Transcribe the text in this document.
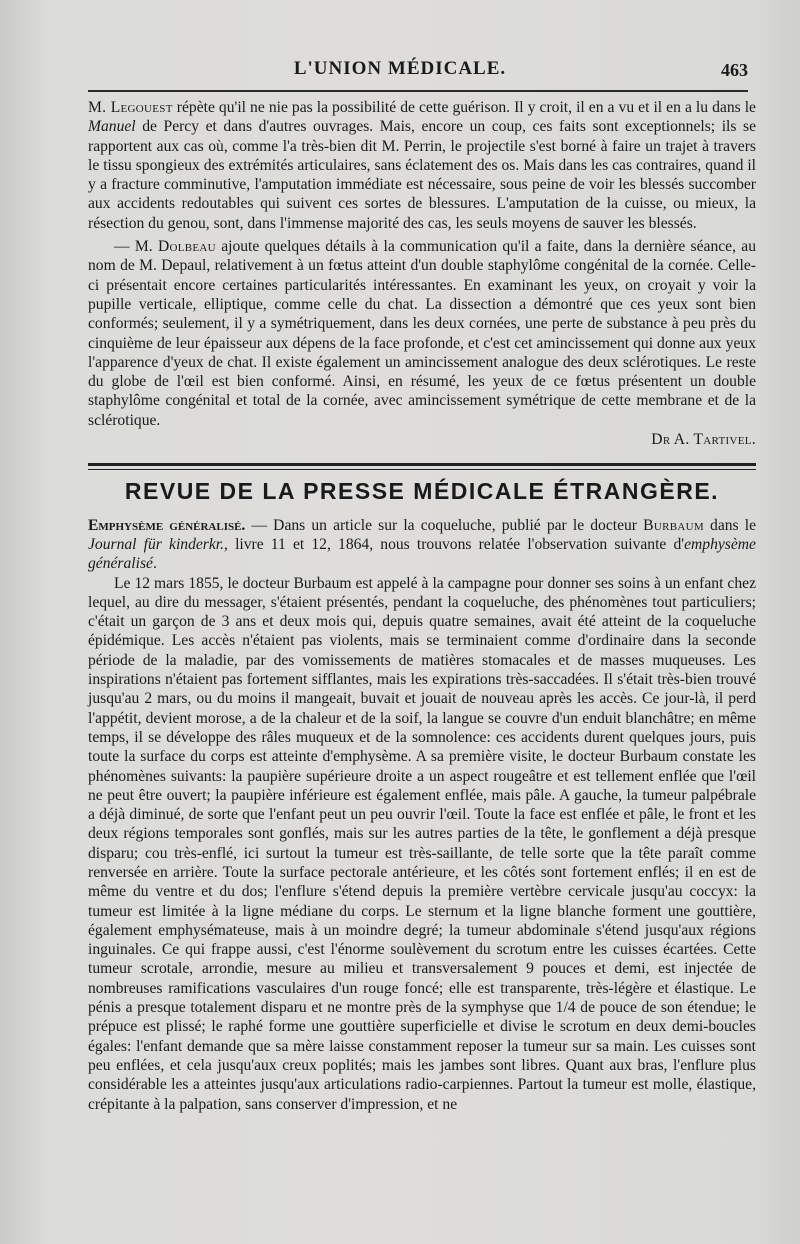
L'UNION MÉDICALE.	463

M. Legouest répète qu'il ne nie pas la possibilité de cette guérison. Il y croit, il en a vu et il en a lu dans le Manuel de Percy et dans d'autres ouvrages. Mais, encore un coup, ces faits sont exceptionnels; ils se rapportent aux cas où, comme l'a très-bien dit M. Perrin, le projectile s'est borné à faire un trajet à travers le tissu spongieux des extrémités articulaires, sans éclatement des os. Mais dans les cas contraires, quand il y a fracture comminutive, l'amputation immédiate est nécessaire, sous peine de voir les blessés succomber aux accidents redoutables qui suivent ces sortes de blessures. L'amputation de la cuisse, ou mieux, la résection du genou, sont, dans l'immense majorité des cas, les seuls moyens de sauver les blessés.

— M. Dolbeau ajoute quelques détails à la communication qu'il a faite, dans la dernière séance, au nom de M. Depaul, relativement à un fœtus atteint d'un double staphylôme congénital de la cornée. Celle-ci présentait encore certaines particularités intéressantes. En examinant les yeux, on croyait y voir la pupille verticale, elliptique, comme celle du chat. La dissection a démontré que ces yeux sont bien conformés; seulement, il y a symétriquement, dans les deux cornées, une perte de substance à peu près du cinquième de leur épaisseur aux dépens de la face profonde, et c'est cet amincissement qui donne aux yeux l'apparence d'yeux de chat. Il existe également un amincissement analogue des deux sclérotiques. Le reste du globe de l'œil est bien conformé. Ainsi, en résumé, les yeux de ce fœtus présentent un double staphylôme congénital et total de la cornée, avec amincissement symétrique de cette membrane et de la sclérotique.

Dr A. Tartivel.
REVUE DE LA PRESSE MÉDICALE ÉTRANGÈRE.

Emphysème généralisé. — Dans un article sur la coqueluche, publié par le docteur Burbaum dans le Journal für kinderkr., livre 11 et 12, 1864, nous trouvons relatée l'observation suivante d'emphysème généralisé.

Le 12 mars 1855, le docteur Burbaum est appelé à la campagne pour donner ses soins à un enfant chez lequel, au dire du messager, s'étaient présentés, pendant la coqueluche, des phénomènes tout particuliers; c'était un garçon de 3 ans et deux mois qui, depuis quatre semaines, avait été atteint de la coqueluche épidémique. Les accès n'étaient pas violents, mais se terminaient comme d'ordinaire dans la seconde période de la maladie, par des vomissements de matières stomacales et de masses muqueuses. Les inspirations n'étaient pas fortement sifflantes, mais les expirations très-saccadées. Il s'était très-bien trouvé jusqu'au 2 mars, ou du moins il mangeait, buvait et jouait de nouveau après les accès. Ce jour-là, il perd l'appétit, devient morose, a de la chaleur et de la soif, la langue se couvre d'un enduit blanchâtre; en même temps, il se développe des râles muqueux et de la somnolence: ces accidents durent quelques jours, puis toute la surface du corps est atteinte d'emphysème. A sa première visite, le docteur Burbaum constate les phénomènes suivants: la paupière supérieure droite a un aspect rougeâtre et est tellement enflée que l'œil ne peut être ouvert; la paupière inférieure est également enflée, mais pâle. A gauche, la tumeur palpébrale a déjà diminué, de sorte que l'enfant peut un peu ouvrir l'œil. Toute la face est enflée et pâle, le front et les deux régions temporales sont gonflés, mais sur les autres parties de la tête, le gonflement a déjà presque disparu; cou très-enflé, ici surtout la tumeur est très-saillante, de telle sorte que la tête paraît comme renversée en arrière. Toute la surface pectorale antérieure, et les côtés sont fortement enflés; il en est de même du ventre et du dos; l'enflure s'étend depuis la première vertèbre cervicale jusqu'au coccyx: la tumeur est limitée à la ligne médiane du corps. Le sternum et la ligne blanche forment une gouttière, également emphysémateuse, mais à un moindre degré; la tumeur abdominale s'étend jusqu'aux régions inguinales. Ce qui frappe aussi, c'est l'énorme soulèvement du scrotum entre les cuisses écartées. Cette tumeur scrotale, arrondie, mesure au milieu et transversalement 9 pouces et demi, est injectée de nombreuses ramifications vasculaires d'un rouge foncé; elle est transparente, très-légère et élastique. Le pénis a presque totalement disparu et ne montre près de la symphyse que 1/4 de pouce de son étendue; le prépuce est plissé; le raphé forme une gouttière superficielle et divise le scrotum en deux demi-boucles égales: l'enfant demande que sa mère laisse constamment reposer la tumeur sur sa main. Les cuisses sont peu enflées, et cela jusqu'aux creux poplités; mais les jambes sont libres. Quant aux bras, l'enflure plus considérable les a atteintes jusqu'aux articulations radio-carpiennes. Partout la tumeur est molle, élastique, crépitante à la palpation, sans conserver d'impression, et ne
